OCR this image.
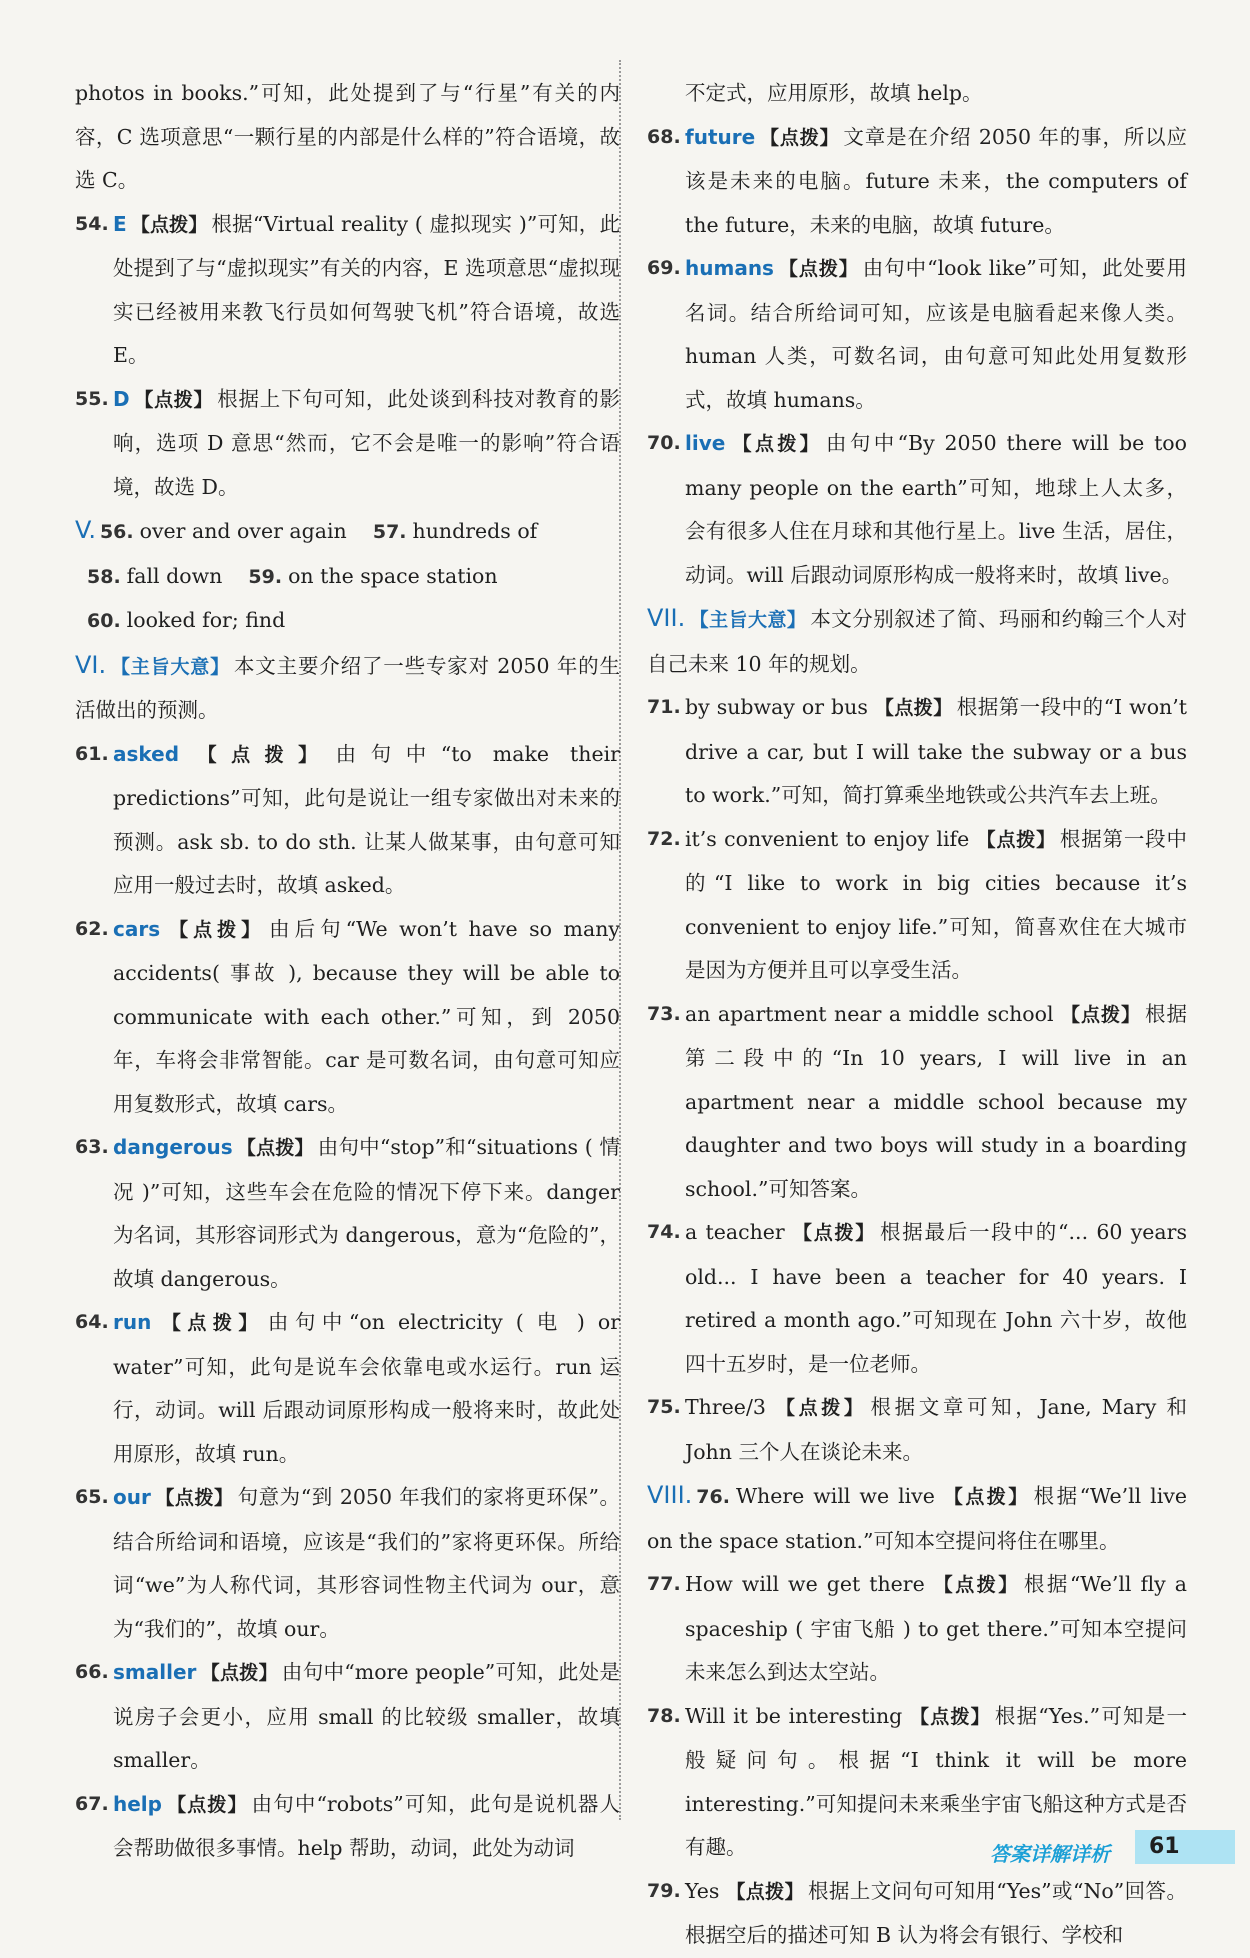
photos in books.”可知，此处提到了与“行星”有关的内容，C 选项意思“一颗行星的内部是什么样的”符合语境，故选 C。
54. E 【点拨】 根据“Virtual reality ( 虚拟现实 )”可知，此处提到了与“虚拟现实”有关的内容，E 选项意思“虚拟现实已经被用来教飞行员如何驾驶飞机”符合语境，故选 E。
55. D 【点拨】 根据上下句可知，此处谈到科技对教育的影响，选项 D 意思“然而，它不会是唯一的影响”符合语境，故选 D。
V. 56. over and over again 57. hundreds of
58. fall down 59. on the space station
60. looked for; find
VI. 【主旨大意】 本文主要介绍了一些专家对 2050 年的生活做出的预测。
61. asked 【点拨】 由句中“to make their predictions”可知，此句是说让一组专家做出对未来的预测。ask sb. to do sth. 让某人做某事，由句意可知应用一般过去时，故填 asked。
62. cars 【点拨】 由后句“We won’t have so many accidents( 事故 ), because they will be able to communicate with each other.”可知，到 2050 年，车将会非常智能。car 是可数名词，由句意可知应用复数形式，故填 cars。
63. dangerous 【点拨】 由句中“stop”和“situations ( 情况 )”可知，这些车会在危险的情况下停下来。danger 为名词，其形容词形式为 dangerous，意为“危险的”，故填 dangerous。
64. run 【点拨】 由句中“on electricity ( 电 ) or water”可知，此句是说车会依靠电或水运行。run 运行，动词。will 后跟动词原形构成一般将来时，故此处用原形，故填 run。
65. our 【点拨】 句意为“到 2050 年我们的家将更环保”。结合所给词和语境，应该是“我们的”家将更环保。所给词“we”为人称代词，其形容词性物主代词为 our，意为“我们的”，故填 our。
66. smaller 【点拨】 由句中“more people”可知，此处是说房子会更小，应用 small 的比较级 smaller，故填 smaller。
67. help 【点拨】 由句中“robots”可知，此句是说机器人会帮助做很多事情。help 帮助，动词，此处为动词
不定式，应用原形，故填 help。
68. future 【点拨】 文章是在介绍 2050 年的事，所以应该是未来的电脑。future 未来，the computers of the future，未来的电脑，故填 future。
69. humans 【点拨】 由句中“look like”可知，此处要用名词。结合所给词可知，应该是电脑看起来像人类。human 人类，可数名词，由句意可知此处用复数形式，故填 humans。
70. live 【点拨】 由句中“By 2050 there will be too many people on the earth”可知，地球上人太多，会有很多人住在月球和其他行星上。live 生活，居住，动词。will 后跟动词原形构成一般将来时，故填 live。
VII. 【主旨大意】 本文分别叙述了简、玛丽和约翰三个人对自己未来 10 年的规划。
71. by subway or bus 【点拨】 根据第一段中的“I won’t drive a car, but I will take the subway or a bus to work.”可知，简打算乘坐地铁或公共汽车去上班。
72. it’s convenient to enjoy life 【点拨】 根据第一段中的“I like to work in big cities because it’s convenient to enjoy life.”可知，简喜欢住在大城市是因为方便并且可以享受生活。
73. an apartment near a middle school 【点拨】 根据第二段中的“In 10 years, I will live in an apartment near a middle school because my daughter and two boys will study in a boarding school.”可知答案。
74. a teacher 【点拨】 根据最后一段中的“... 60 years old... I have been a teacher for 40 years. I retired a month ago.”可知现在 John 六十岁，故他四十五岁时，是一位老师。
75. Three/3 【点拨】 根据文章可知，Jane, Mary 和 John 三个人在谈论未来。
VIII. 76. Where will we live 【点拨】 根据“We’ll live on the space station.”可知本空提问将住在哪里。
77. How will we get there 【点拨】 根据“We’ll fly a spaceship ( 宇宙飞船 ) to get there.”可知本空提问未来怎么到达太空站。
78. Will it be interesting 【点拨】 根据“Yes.”可知是一般疑问句。根据“I think it will be more interesting.”可知提问未来乘坐宇宙飞船这种方式是否有趣。
79. Yes 【点拨】 根据上文问句可知用“Yes”或“No”回答。根据空后的描述可知 B 认为将会有银行、学校和
答案详解详析	61
